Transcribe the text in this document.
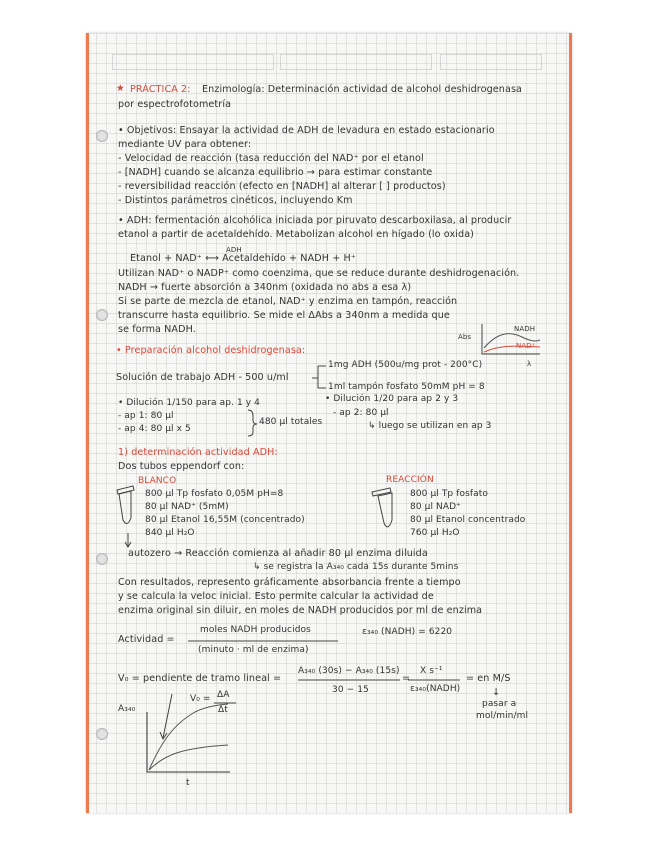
★ PRÁCTICA 2: Enzimología: Determinación actividad de alcohol deshidrogenasa
por espectrofotometría
• Objetivos: Ensayar la actividad de ADH de levadura en estado estacionario
mediante UV para obtener:
- Velocidad de reacción (tasa reducción del NAD⁺ por el etanol
- [NADH] cuando se alcanza equilibrio → para estimar constante
- reversibilidad reacción (efecto en [NADH] al alterar [ ] productos)
- Distintos parámetros cinéticos, incluyendo Km
• ADH: fermentación alcohólica iniciada por piruvato descarboxilasa, al producir
etanol a partir de acetaldehído. Metabolizan alcohol en hígado (lo oxida)
ADH
Etanol + NAD⁺ ⟷ Acetaldehído + NADH + H⁺
Utilizan NAD⁺ o NADP⁺ como coenzima, que se reduce durante deshidrogenación.
NADH → fuerte absorción a 340nm (oxidada no abs a esa λ)
Si se parte de mezcla de etanol, NAD⁺ y enzima en tampón, reacción
transcurre hasta equilibrio. Se mide el ΔAbs a 340nm a medida que
se forma NADH.
Abs
λ
NADH
NAD⁺
• Preparación alcohol deshidrogenasa:
Solución de trabajo ADH - 500 u/ml
1mg ADH (500u/mg prot - 200°C)
1ml tampón fosfato 50mM pH = 8
• Dilución 1/150 para ap. 1 y 4
- ap 1: 80 µl
- ap 4: 80 µl x 5
480 µl totales
• Dilución 1/20 para ap 2 y 3
- ap 2: 80 µl
↳ luego se utilizan en ap 3
1) determinación actividad ADH:
Dos tubos eppendorf con:
BLANCO
800 µl Tp fosfato 0,05M pH=8
80 µl NAD⁺ (5mM)
80 µl Etanol 16,55M (concentrado)
840 µl H₂O
REACCIÓN
800 µl Tp fosfato
80 µl NAD⁺
80 µl Etanol concentrado
760 µl H₂O
autozero → Reacción comienza al añadir 80 µl enzima diluida
↳ se registra la A₃₄₀ cada 15s durante 5mins
Con resultados, represento gráficamente absorbancia frente a tiempo
y se calcula la veloc inicial. Esto permite calcular la actividad de
enzima original sin diluir, en moles de NADH producidos por ml de enzima
Actividad =
moles NADH producidos
(minuto · ml de enzima)
ε₃₄₀ (NADH) = 6220
V₀ = pendiente de tramo lineal =
A₃₄₀ (30s) − A₃₄₀ (15s)
30 − 15
=
X s⁻¹
ε₃₄₀(NADH)
= en M/S
↓
pasar a
mol/min/ml
V₀ = ΔA
Δt
A₃₄₀
t
